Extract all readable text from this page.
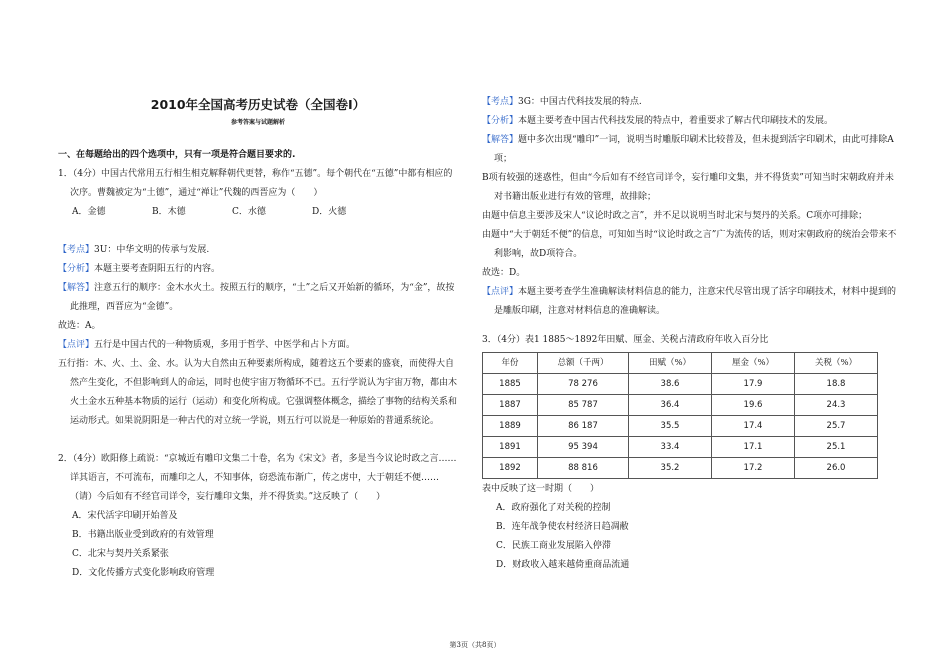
2010年全国高考历史试卷（全国卷Ⅰ）
参考答案与试题解析
一、在每题给出的四个选项中，只有一项是符合题目要求的.
1．（4分）中国古代常用五行相生相克解释朝代更替，称作“五德”。每个朝代在“五德”中都有相应的次序。曹魏被定为“土德”，通过“禅让”代魏的西晋应为（　　）
A．金德	B．木德	C．水德	D．火德
【考点】3U：中华文明的传承与发展.
【分析】本题主要考查阴阳五行的内容。
【解答】注意五行的顺序：金木水火土。按照五行的顺序，“土”之后又开始新的循环，为“金”，故按此推理，西晋应为“金德”。
故选：A。
【点评】五行是中国古代的一种物质观，多用于哲学、中医学和占卜方面。
五行指：木、火、土、金、水。认为大自然由五种要素所构成，随着这五个要素的盛衰，而使得大自然产生变化，不但影响到人的命运，同时也使宇宙万物循环不已。五行学说认为宇宙万物，都由木火土金水五种基本物质的运行（运动）和变化所构成。它强调整体概念，描绘了事物的结构关系和运动形式。如果说阴阳是一种古代的对立统一学说，则五行可以说是一种原始的普通系统论。
2．（4分）欧阳修上疏说：“京城近有雕印文集二十卷，名为《宋文》者，多是当今议论时政之言……详其语言，不可流布，而雕印之人，不知事体，窃恐流布渐广，传之虏中，大于朝廷不便……（请）今后如有不经官司详令，妄行雕印文集，并不得货卖。”这反映了（　　）
A．宋代活字印刷开始普及
B．书籍出版业受到政府的有效管理
C．北宋与契丹关系紧张
D．文化传播方式变化影响政府管理
【考点】3G：中国古代科技发展的特点.
【分析】本题主要考查中国古代科技发展的特点中，着重要求了解古代印刷技术的发展。
【解答】题中多次出现“雕印”一词，说明当时雕版印刷术比较普及，但未提到活字印刷术，由此可排除A项；
B项有较强的迷惑性，但由“今后如有不经官司详令，妄行雕印文集，并不得货卖”可知当时宋朝政府并未对书籍出版业进行有效的管理，故排除；
由题中信息主要涉及宋人“议论时政之言”，并不足以说明当时北宋与契丹的关系。C项亦可排除；
由题中“大于朝廷不便”的信息，可知如当时“议论时政之言”广为流传的话，则对宋朝政府的统治会带来不利影响，故D项符合。
故选：D。
【点评】本题主要考查学生准确解读材料信息的能力，注意宋代尽管出现了活字印刷技术，材料中提到的是雕版印刷，注意对材料信息的准确解读。
3．（4分）表1 1885～1892年田赋、厘金、关税占清政府年收入百分比
年份	总额（千两）	田赋（%）	厘金（%）	关税（%）
1885	78 276	38.6	17.9	18.8
1887	85 787	36.4	19.6	24.3
1889	86 187	35.5	17.4	25.7
1891	95 394	33.4	17.1	25.1
1892	88 816	35.2	17.2	26.0
表中反映了这一时期（　　）
A．政府强化了对关税的控制
B．连年战争使农村经济日趋凋敝
C．民族工商业发展陷入停滞
D．财政收入越来越倚重商品流通
第3页（共8页）
